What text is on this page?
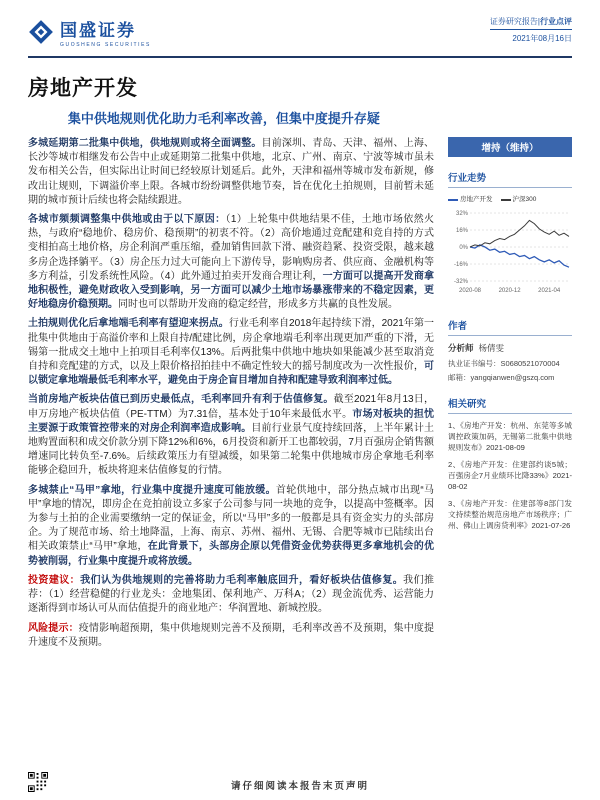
国盛证券
GUOSHENG SECURITIES
证券研究报告|行业点评
2021年08月16日
房地产开发
集中供地规则优化助力毛利率改善，但集中度提升存疑

多城延期第二批集中供地，供地规则或将全面调整。目前深圳、青岛、天津、福州、上海、长沙等城市相继发布公告中止或延期第二批集中供地，北京、广州、南京、宁波等城市虽未发布相关公告，但实际出让时间已经较原计划延后。此外，天津和福州等城市发布新规，修改出让规则，下调溢价率上限。各城市纷纷调整供地节奏，旨在优化土拍规则，目前暂未延期的城市预计后续也将会陆续跟进。

各城市频频调整集中供地或由于以下原因：（1）上轮集中供地结果不佳，土地市场依然火热，与政府“稳地价、稳房价、稳预期”的初衷不符。（2）高价地通过竞配建和竞自持的方式变相拍高土地价格，房企利润严重压缩，叠加销售回款下滑、融资趋紧、投资受限，越来越多房企选择躺平。（3）房企压力过大可能向上下游传导，影响购房者、供应商、金融机构等多方利益，引发系统性风险。（4）此外通过拍卖开发商合理让利，一方面可以提高开发商拿地积极性，避免财政收入受到影响，另一方面可以减少土地市场暴涨带来的不稳定因素，更好地稳房价稳预期。同时也可以帮助开发商的稳定经营，形成多方共赢的良性发展。

土拍规则优化后拿地端毛利率有望迎来拐点。行业毛利率自2018年起持续下滑，2021年第一批集中供地由于高溢价率和上限自持/配建比例，房企拿地端毛利率出现更加严重的下滑，无锡第一批成交土地中上拍项目毛利率仅13%。后两批集中供地中地块如果能减少甚至取消竞自持和竞配建的方式，以及上限价格招拍挂中不确定性较大的摇号制度改为一次性报价，可以锁定拿地端最低毛利率水平，避免由于房企盲目增加自持和配建导致利润率过低。

当前房地产板块估值已到历史最低点，毛利率回升有利于估值修复。截至2021年8月13日，申万房地产板块估值（PE-TTM）为7.31倍，基本处于10年来最低水平。市场对板块的担忧主要源于政策管控带来的对房企利润率造成影响。目前行业景气度持续回落，上半年累计土地购置面积和成交价款分别下降12%和6%，6月投资和新开工也都较弱，7月百强房企销售额增速同比转负至-7.6%。后续政策压力有望减缓，如果第二轮集中供地城市房企拿地毛利率能够企稳回升，板块将迎来估值修复的行情。

多城禁止“马甲”拿地，行业集中度提升速度可能放缓。首轮供地中，部分热点城市出现“马甲”拿地的情况，即房企在竞拍前设立多家子公司参与同一块地的竞争，以提高中签概率。因为参与土拍的企业需要缴纳一定的保证金，所以“马甲”多的一般都是具有资金实力的头部房企。为了规范市场、给土地降温，上海、南京、苏州、福州、无锡、合肥等城市已陆续出台相关政策禁止“马甲”拿地，在此背景下，头部房企原以凭借资金优势获得更多拿地机会的优势被削弱，行业集中度提升或将放缓。

投资建议：我们认为供地规则的完善将助力毛利率触底回升，看好板块估值修复。我们推荐：（1）经营稳健的行业龙头：金地集团、保利地产、万科A；（2）现金流优秀、运营能力逐渐得到市场认可从而估值提升的商业地产：华润置地、新城控股。

风险提示：疫情影响超预期，集中供地规则完善不及预期，毛利率改善不及预期，集中度提升速度不及预期。

增持（维持）
行业走势
房地产开发	沪深300
32%
16%
0%
-16%
-32%
2020-08	2020-12	2021-04
作者
分析师 杨倩雯
执业证书编号：S0680521070004
邮箱：yangqianwen@gszq.com
相关研究
1、《房地产开发：杭州、东莞等多城调控政策加码，无锡第二批集中供地规则发布》2021-08-09
2、《房地产开发：住建部约谈5城；百强房企7月业绩环比降33%》2021-08-02
3、《房地产开发：住建部等8部门发文持续整治规范房地产市场秩序；广州、佛山上调房贷利率》2021-07-26
请仔细阅读本报告末页声明
